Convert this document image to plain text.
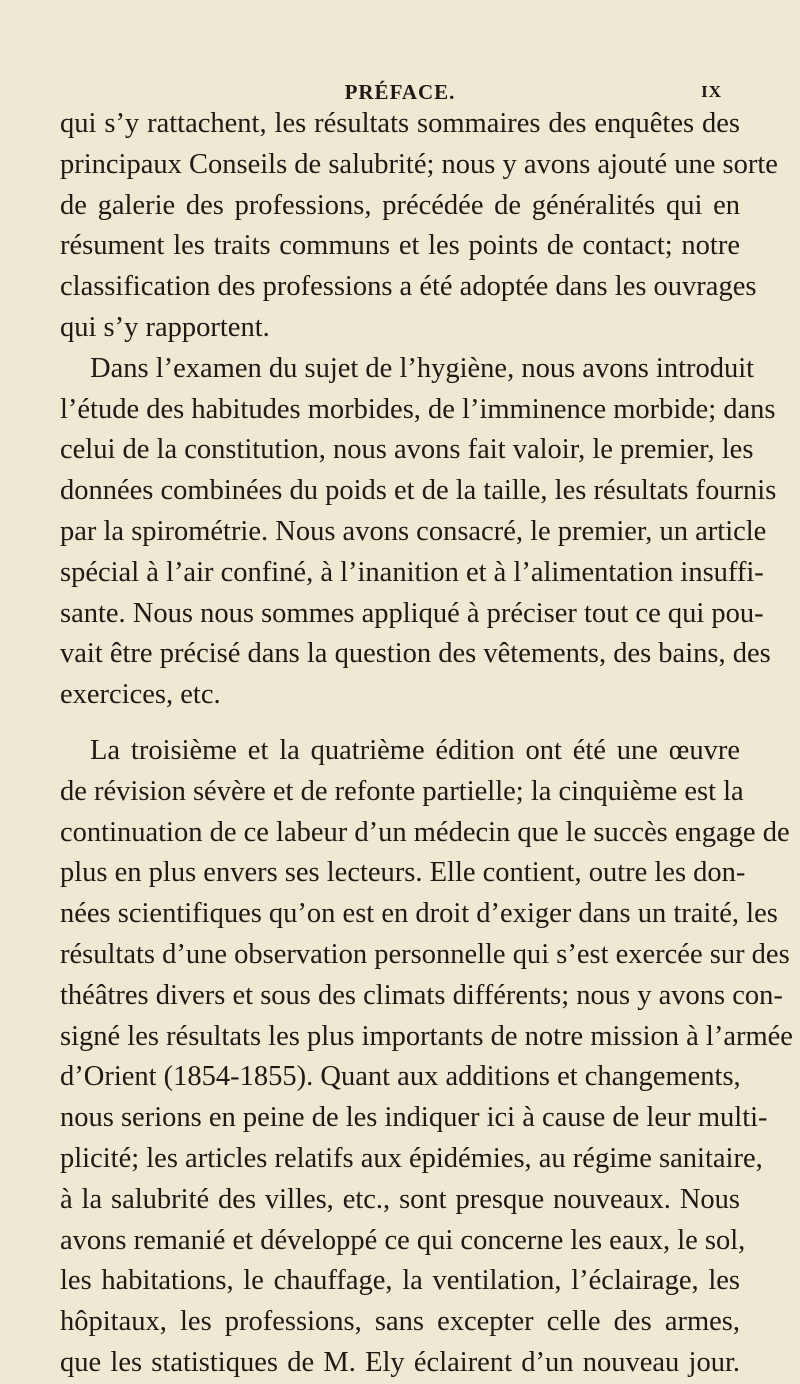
PRÉFACE.	IX
qui s’y rattachent, les résultats sommaires des enquêtes des
principaux Conseils de salubrité; nous y avons ajouté une sorte
de galerie des professions, précédée de généralités qui en
résument les traits communs et les points de contact; notre
classification des professions a été adoptée dans les ouvrages
qui s’y rapportent.
Dans l’examen du sujet de l’hygiène, nous avons introduit
l’étude des habitudes morbides, de l’imminence morbide; dans
celui de la constitution, nous avons fait valoir, le premier, les
données combinées du poids et de la taille, les résultats fournis
par la spirométrie. Nous avons consacré, le premier, un article
spécial à l’air confiné, à l’inanition et à l’alimentation insuffi-
sante. Nous nous sommes appliqué à préciser tout ce qui pou-
vait être précisé dans la question des vêtements, des bains, des
exercices, etc.
La troisième et la quatrième édition ont été une œuvre
de révision sévère et de refonte partielle; la cinquième est la
continuation de ce labeur d’un médecin que le succès engage de
plus en plus envers ses lecteurs. Elle contient, outre les don-
nées scientifiques qu’on est en droit d’exiger dans un traité, les
résultats d’une observation personnelle qui s’est exercée sur des
théâtres divers et sous des climats différents; nous y avons con-
signé les résultats les plus importants de notre mission à l’armée
d’Orient (1854-1855). Quant aux additions et changements,
nous serions en peine de les indiquer ici à cause de leur multi-
plicité; les articles relatifs aux épidémies, au régime sanitaire,
à la salubrité des villes, etc., sont presque nouveaux. Nous
avons remanié et développé ce qui concerne les eaux, le sol,
les habitations, le chauffage, la ventilation, l’éclairage, les
hôpitaux, les professions, sans excepter celle des armes,
que les statistiques de M. Ely éclairent d’un nouveau jour.
